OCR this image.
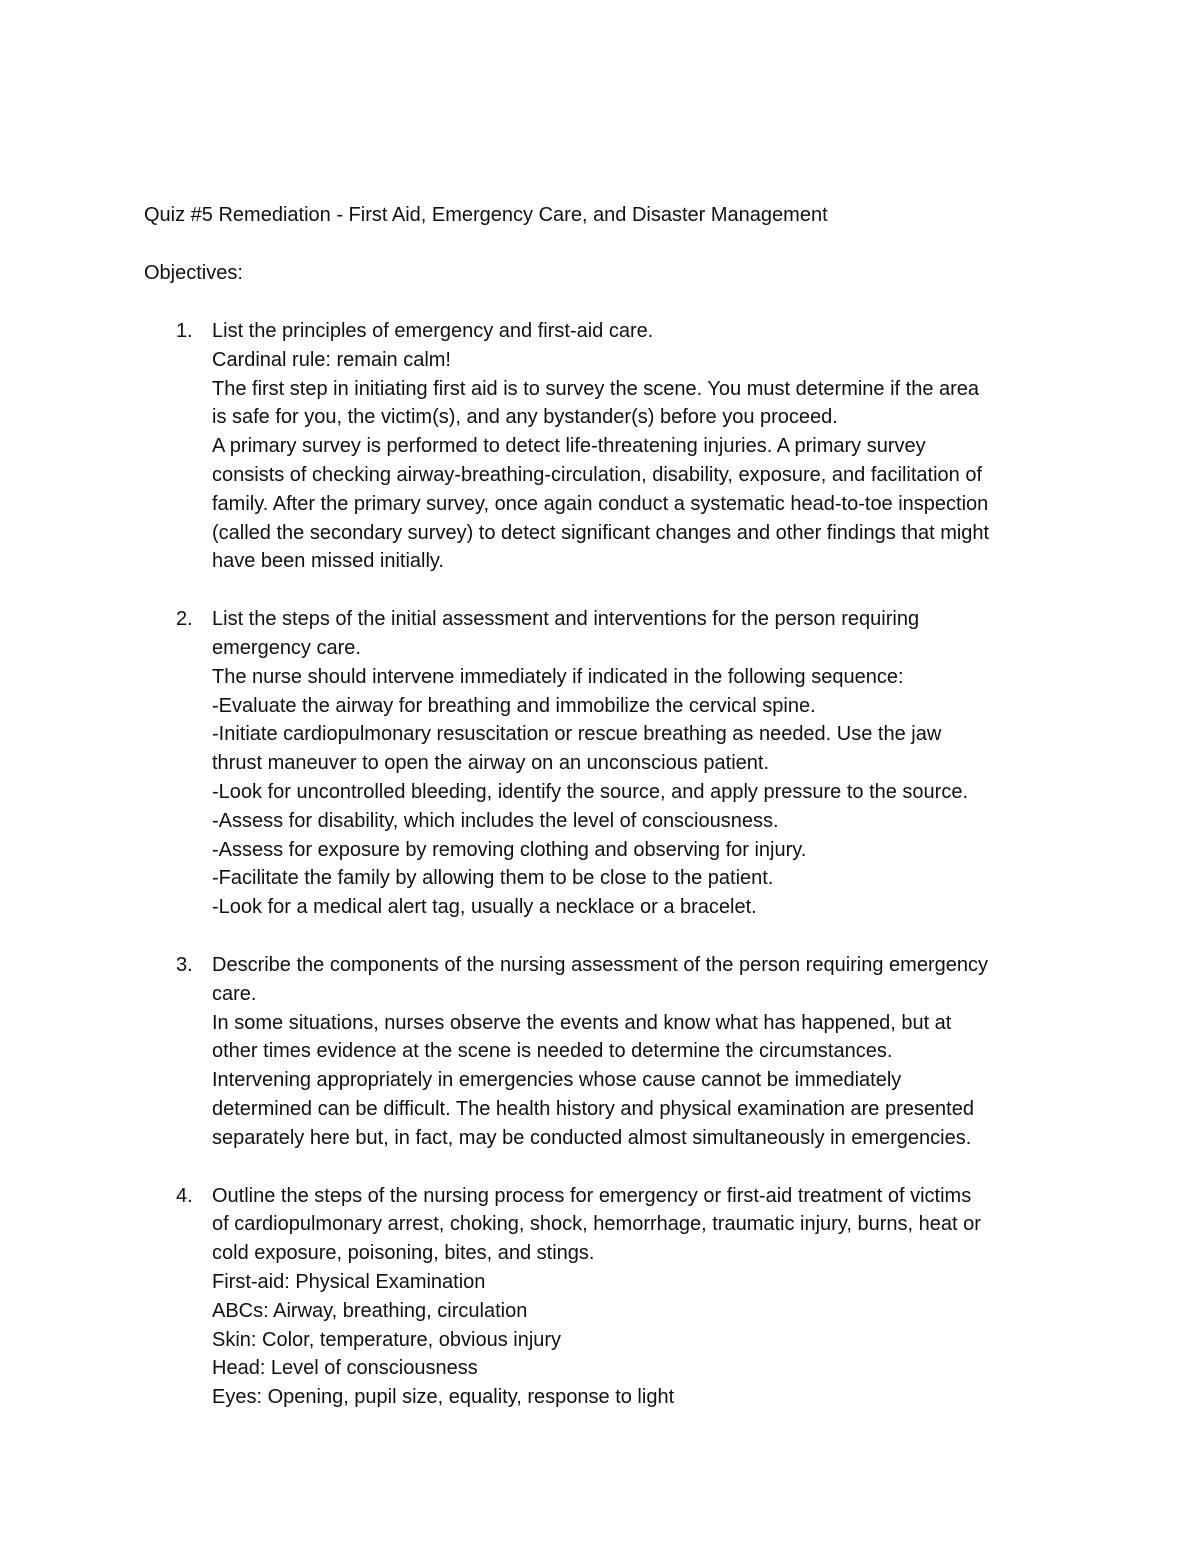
Quiz #5 Remediation - First Aid, Emergency Care, and Disaster Management
Objectives:
1. List the principles of emergency and first-aid care.
Cardinal rule: remain calm!
The first step in initiating first aid is to survey the scene. You must determine if the area
is safe for you, the victim(s), and any bystander(s) before you proceed.
A primary survey is performed to detect life-threatening injuries. A primary survey
consists of checking airway-breathing-circulation, disability, exposure, and facilitation of
family. After the primary survey, once again conduct a systematic head-to-toe inspection
(called the secondary survey) to detect significant changes and other findings that might
have been missed initially.
2. List the steps of the initial assessment and interventions for the person requiring
emergency care.
The nurse should intervene immediately if indicated in the following sequence:
-Evaluate the airway for breathing and immobilize the cervical spine.
-Initiate cardiopulmonary resuscitation or rescue breathing as needed. Use the jaw
thrust maneuver to open the airway on an unconscious patient.
-Look for uncontrolled bleeding, identify the source, and apply pressure to the source.
-Assess for disability, which includes the level of consciousness.
-Assess for exposure by removing clothing and observing for injury.
-Facilitate the family by allowing them to be close to the patient.
-Look for a medical alert tag, usually a necklace or a bracelet.
3. Describe the components of the nursing assessment of the person requiring emergency
care.
In some situations, nurses observe the events and know what has happened, but at
other times evidence at the scene is needed to determine the circumstances.
Intervening appropriately in emergencies whose cause cannot be immediately
determined can be difficult. The health history and physical examination are presented
separately here but, in fact, may be conducted almost simultaneously in emergencies.
4. Outline the steps of the nursing process for emergency or first-aid treatment of victims
of cardiopulmonary arrest, choking, shock, hemorrhage, traumatic injury, burns, heat or
cold exposure, poisoning, bites, and stings.
First-aid: Physical Examination
ABCs: Airway, breathing, circulation
Skin: Color, temperature, obvious injury
Head: Level of consciousness
Eyes: Opening, pupil size, equality, response to light
